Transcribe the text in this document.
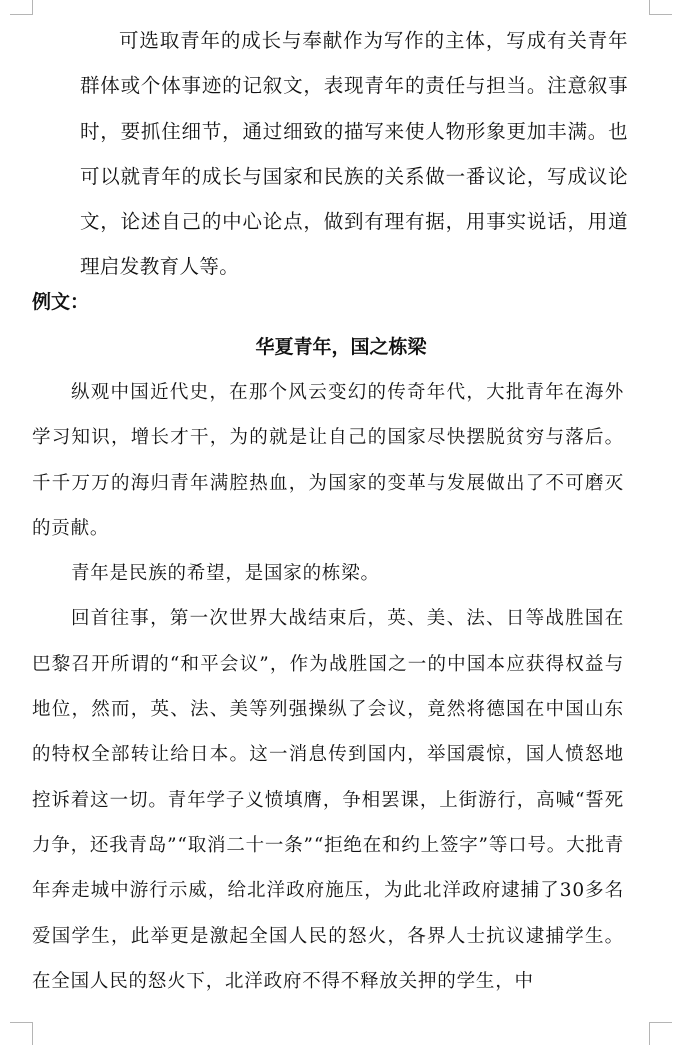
可选取青年的成长与奉献作为写作的主体，写成有关青年群体或个体事迹的记叙文，表现青年的责任与担当。注意叙事时，要抓住细节，通过细致的描写来使人物形象更加丰满。也可以就青年的成长与国家和民族的关系做一番议论，写成议论文，论述自己的中心论点，做到有理有据，用事实说话，用道理启发教育人等。

例文：

华夏青年，国之栋梁

纵观中国近代史，在那个风云变幻的传奇年代，大批青年在海外学习知识，增长才干，为的就是让自己的国家尽快摆脱贫穷与落后。千千万万的海归青年满腔热血，为国家的变革与发展做出了不可磨灭的贡献。

青年是民族的希望，是国家的栋梁。

回首往事，第一次世界大战结束后，英、美、法、日等战胜国在巴黎召开所谓的“和平会议”，作为战胜国之一的中国本应获得权益与地位，然而，英、法、美等列强操纵了会议，竟然将德国在中国山东的特权全部转让给日本。这一消息传到国内，举国震惊，国人愤怒地控诉着这一切。青年学子义愤填膺，争相罢课，上街游行，高喊“誓死力争，还我青岛”“取消二十一条”“拒绝在和约上签字”等口号。大批青年奔走城中游行示威，给北洋政府施压，为此北洋政府逮捕了30多名爱国学生，此举更是激起全国人民的怒火，各界人士抗议逮捕学生。在全国人民的怒火下，北洋政府不得不释放关押的学生，中
